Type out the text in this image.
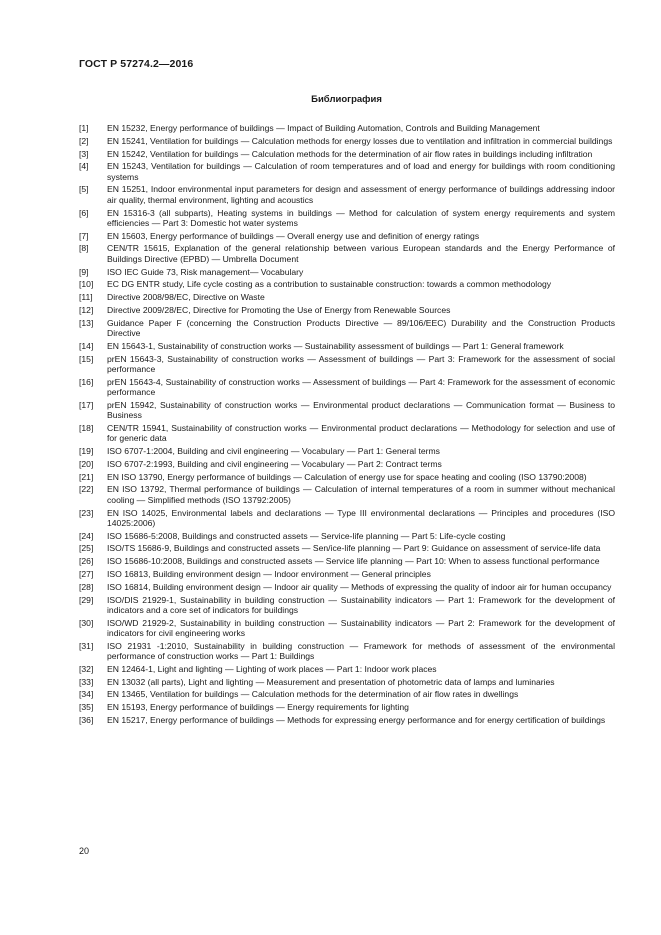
ГОСТ Р 57274.2—2016
Библиография
[1]	EN 15232, Energy performance of buildings — Impact of Building Automation, Controls and Building Management
[2]	EN 15241, Ventilation for buildings — Calculation methods for energy losses due to ventilation and infiltration in commercial buildings
[3]	EN 15242, Ventilation for buildings — Calculation methods for the determination of air flow rates in buildings including infiltration
[4]	EN 15243, Ventilation for buildings — Calculation of room temperatures and of load and energy for buildings with room conditioning systems
[5]	EN 15251, Indoor environmental input parameters for design and assessment of energy performance of buildings addressing indoor air quality, thermal environment, lighting and acoustics
[6]	EN 15316-3 (all subparts), Heating systems in buildings — Method for calculation of system energy requirements and system efficiencies — Part 3: Domestic hot water systems
[7]	EN 15603, Energy performance of buildings — Overall energy use and definition of energy ratings
[8]	CEN/TR 15615, Explanation of the general relationship between various European standards and the Energy Performance of Buildings Directive (EPBD) — Umbrella Document
[9]	ISO IEC Guide 73, Risk management— Vocabulary
[10]	EC DG ENTR study, Life cycle costing as a contribution to sustainable construction: towards a common methodology
[11]	Directive 2008/98/EC, Directive on Waste
[12]	Directive 2009/28/EC, Directive for Promoting the Use of Energy from Renewable Sources
[13]	Guidance Paper F (concerning the Construction Products Directive — 89/106/EEC) Durability and the Construction Products Directive
[14]	EN 15643-1, Sustainability of construction works — Sustainability assessment of buildings — Part 1: General framework
[15]	prEN 15643-3, Sustainability of construction works — Assessment of buildings — Part 3: Framework for the assessment of social performance
[16]	prEN 15643-4, Sustainability of construction works — Assessment of buildings — Part 4: Framework for the assessment of economic performance
[17]	prEN 15942, Sustainability of construction works — Environmental product declarations — Communication format — Business to Business
[18]	CEN/TR 15941, Sustainability of construction works — Environmental product declarations — Methodology for selection and use of for generic data
[19]	ISO 6707-1:2004, Building and civil engineering — Vocabulary — Part 1: General terms
[20]	ISO 6707-2:1993, Building and civil engineering — Vocabulary — Part 2: Contract terms
[21]	EN ISO 13790, Energy performance of buildings — Calculation of energy use for space heating and cooling (ISO 13790:2008)
[22]	EN ISO 13792, Thermal performance of buildings — Calculation of internal temperatures of a room in summer without mechanical cooling — Simplified methods (ISO 13792:2005)
[23]	EN ISO 14025, Environmental labels and declarations — Type III environmental declarations — Principles and procedures (ISO 14025:2006)
[24]	ISO 15686-5:2008, Buildings and constructed assets — Service-life planning — Part 5: Life-cycle costing
[25]	ISO/TS 15686-9, Buildings and constructed assets — Sen/ice-life planning — Part 9: Guidance on assessment of service-life data
[26]	ISO 15686-10:2008, Buildings and constructed assets — Service life planning — Part 10: When to assess functional performance
[27]	ISO 16813, Building environment design — Indoor environment — General principles
[28]	ISO 16814, Building environment design — Indoor air quality — Methods of expressing the quality of indoor air for human occupancy
[29]	ISO/DIS 21929-1, Sustainability in building construction — Sustainability indicators — Part 1: Framework for the development of indicators and a core set of indicators for buildings
[30]	ISO/WD 21929-2, Sustainability in building construction — Sustainability indicators — Part 2: Framework for the development of indicators for civil engineering works
[31]	ISO 21931 -1:2010, Sustainability in building construction — Framework for methods of assessment of the environmental performance of construction works — Part 1: Buildings
[32]	EN 12464-1, Light and lighting — Lighting of work places — Part 1: Indoor work places
[33]	EN 13032 (all parts), Light and lighting — Measurement and presentation of photometric data of lamps and luminaries
[34]	EN 13465, Ventilation for buildings — Calculation methods for the determination of air flow rates in dwellings
[35]	EN 15193, Energy performance of buildings — Energy requirements for lighting
[36]	EN 15217, Energy performance of buildings — Methods for expressing energy performance and for energy certification of buildings
20
